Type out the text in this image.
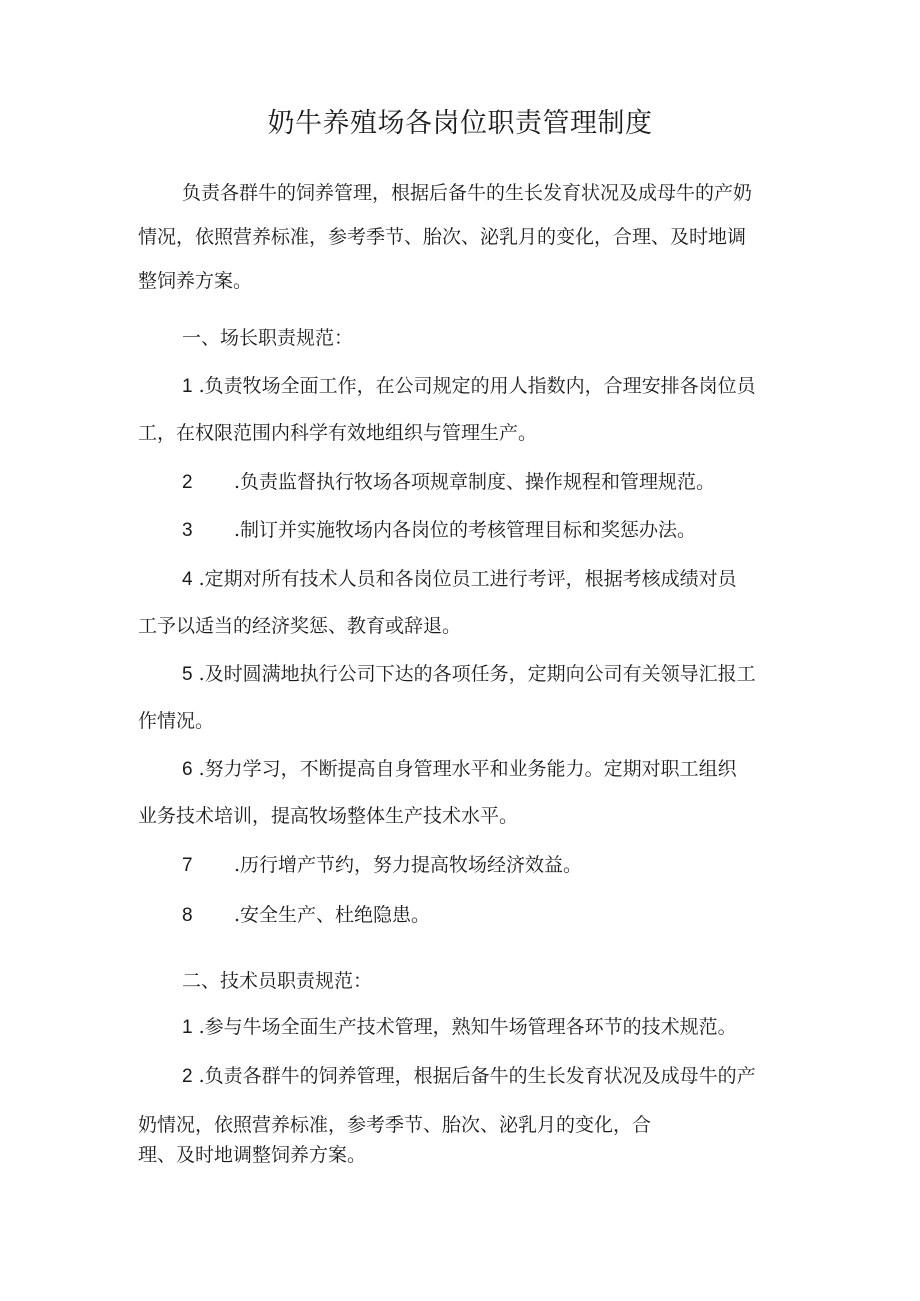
奶牛养殖场各岗位职责管理制度
负责各群牛的饲养管理，根据后备牛的生长发育状况及成母牛的产奶
情况，依照营养标准，参考季节、胎次、泌乳月的变化，合理、及时地调
整饲养方案。
一、场长职责规范：
1 .负责牧场全面工作，在公司规定的用人指数内，合理安排各岗位员
工，在权限范围内科学有效地组织与管理生产。
2 .负责监督执行牧场各项规章制度、操作规程和管理规范。
3 .制订并实施牧场内各岗位的考核管理目标和奖惩办法。
4 .定期对所有技术人员和各岗位员工进行考评，根据考核成绩对员
工予以适当的经济奖惩、教育或辞退。
5 .及时圆满地执行公司下达的各项任务，定期向公司有关领导汇报工
作情况。
6 .努力学习，不断提高自身管理水平和业务能力。定期对职工组织
业务技术培训，提高牧场整体生产技术水平。
7 .历行增产节约，努力提高牧场经济效益。
8 .安全生产、杜绝隐患。
二、技术员职责规范：
1 .参与牛场全面生产技术管理，熟知牛场管理各环节的技术规范。
2 .负责各群牛的饲养管理，根据后备牛的生长发育状况及成母牛的产
奶情况，依照营养标准，参考季节、胎次、泌乳月的变化，合
理、及时地调整饲养方案。
